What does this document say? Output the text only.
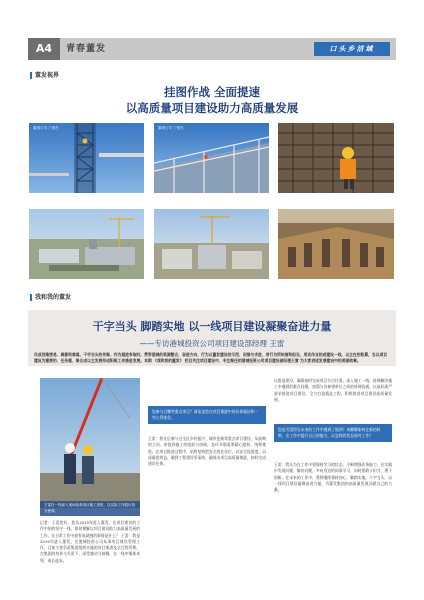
A4	青春董发	口头乡洁域
董发视界
挂图作战 全面提速
以高质量项目建设助力高质量发展
董城公司 丁豪杰	董城公司 丁豪杰
我和我的董发
干字当头 脚踏实地 以一线项目建设凝聚奋进力量
——专访港城投资公司项目建设部经理 王雷
风成别难想易、聚都则难落。干字当头的作聚、作为超进争取时。贯穿港城的资源整合，奋进方向、行为以董发建设的示范、创推与求进，用行为所知信和担当，用实作业的成建设一线，以主在的积累，当以项目建设为重要的、任务重、聚合成以主发展形成积极工作推进发展。本期 《我和我的董发》 栏目关注项目建设中，专注聚任的港城投资公司项目建设部经理王雷 为大家讲述发展建设中的美丽故事。
王雷在一线深入现场检查项目施工进度，以实际工作践行担当使命。
记者：王雷您好，您从2019年进入董发，在项目建设的工作中始终坚守一线，如何理解以项目建设助力高质量发展的工作，在日常工作中最有成就感的事情是什么？ 王雷：我是2019年进入董发，在港城投资公司从事项目建设管理工作，目前主要负责集团组织实施的项目推进及全过程管理，在集团的培养与关爱下，深受感动与鼓舞，在一线中锤炼本领、成长进步。
您参与过哪些重点项目？请谈谈您在项目推进中的具体做法和一些心得体会。
王雷：我先后参与过全区乡村振兴、城市更新等重点项目建设，从前期的立项、审批到施工的组织与协调，各环节都需要精心组织、统筹推进。在项目推进过程中，始终坚持把安全放在首位，以安全促进度、以质量促效益，做到工程建设零事故，确保各项目高质量推进，按时完成建设任务。
以推进建设，确保按时完成项目节点任务，深入施工一线，协调解决施工中遇到的难点问题，加强与各参建单位之间的协调沟通，以高标准严要求推进项目建设，全力打造精品工程，积极推进项目建设高质量发展。
您是否觉得在未来的工作中遇到了瓶颈？来聊聊如何在新的时期，在工作中提升自己的能力，以怎样的状态面对工作？
王雷：我认为在工作中要保持学习的状态，不断增强业务能力，在实践中发现问题、解决问题，多向身边的同事学习，同时要敢于担当，勇于创新。在未来的工作中，我将继续秉持初心、脚踏实地，干字当头，以一线项目建设凝聚奋进力量，为董发集团的高质量发展贡献自己的力量。
